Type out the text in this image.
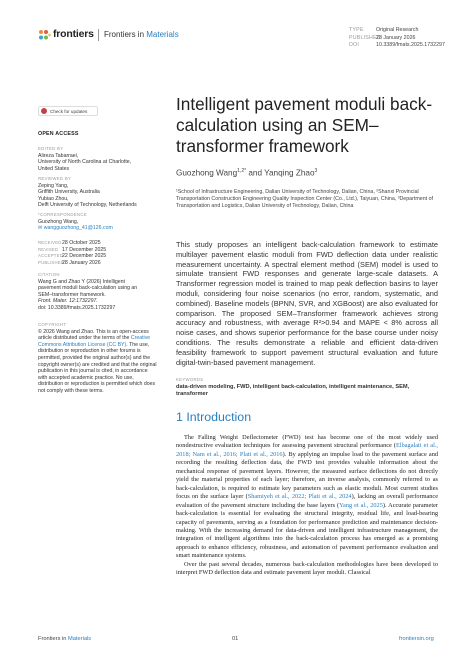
frontiers Frontiers in Materials	TYPE Original Research
PUBLISHED28 January 2026
DOI	10.3389/fmats.2025.1732297
Check for updates
OPEN ACCESS
EDITED BY
Alireza Tabarraei,
University of North Carolina at Charlotte,
United States
REVIEWED BY
Zeping Yang,
Griffith University, Australia
Yubiao Zhou,
Delft University of Technology, Netherlands
*CORRESPONDENCE
Guozhong Wang,
✉ wangguozhong_41@126.com
RECEIVED28 October 2025
REVISED 17 December 2025
ACCEPTED22 December 2025
PUBLISHED28 January 2026
CITATION
Wang G and Zhao Y (2026) Intelligent
pavement moduli back-calculation using an
SEM–transformer framework.
Front. Mater. 12:1732297.
doi: 10.3389/fmats.2025.1732297
COPYRIGHT
© 2026 Wang and Zhao. This is an open-access article distributed under the terms of the Creative Commons Attribution License (CC BY). The use, distribution or reproduction in other forums is permitted, provided the original author(s) and the copyright owner(s) are credited and that the original publication in this journal is cited, in accordance with accepted academic practice. No use, distribution or reproduction is permitted which does not comply with these terms.
Intelligent pavement moduli back-calculation using an SEM–transformer framework
Guozhong Wang$^{1,2*}$ and Yanqing Zhao$^3$
¹School of Infrastructure Engineering, Dalian University of Technology, Dalian, China, ²Shanxi Provincial Transportation Construction Engineering Quality Inspection Center (Co., Ltd.), Taiyuan, China, ³Department of Transportation and Logistics, Dalian University of Technology, Dalian, China
This study proposes an intelligent back-calculation framework to estimate multilayer pavement elastic moduli from FWD deflection data under realistic measurement uncertainty. A spectral element method (SEM) model is used to simulate transient FWD responses and generate large-scale datasets. A Transformer regression model is trained to map peak deflection basins to layer moduli, considering four noise scenarios (no error, random, systematic, and combined). Baseline models (BPNN, SVR, and XGBoost) are also evaluated for comparison. The proposed SEM–Transformer framework achieves strong accuracy and robustness, with average R²>0.94 and MAPE < 8% across all noise cases, and shows superior performance for the base course under noisy conditions. The results demonstrate a reliable and efficient data-driven feasibility framework to support pavement structural evaluation and future digital-twin-based pavement management.
KEYWORDS
data-driven modeling, FWD, intelligent back-calculation, intelligent maintenance, SEM, transformer
1 Introduction

The Falling Weight Deflectometer (FWD) test has become one of the most widely used nondestructive evaluation techniques for assessing pavement structural performance (Elbagalati et al., 2018; Nam et al., 2016; Plati et al., 2016). By applying an impulse load to the pavement surface and recording the resulting deflection data, the FWD test provides valuable information about the mechanical response of pavement layers. However, the measured surface deflections do not directly yield the material properties of each layer; therefore, an inverse analysis, commonly referred to as back-calculation, is required to estimate key parameters such as elastic moduli. Most current studies focus on the surface layer (Shamiyeh et al., 2022; Plati et al., 2024), lacking an overall performance evaluation of the pavement structure including the base layers (Yang et al., 2025). Accurate parameter back-calculation is essential for evaluating the structural integrity, residual life, and load-bearing capacity of pavements, serving as a foundation for performance prediction and maintenance decision-making. With the increasing demand for data-driven and intelligent infrastructure management, the integration of intelligent algorithms into the back-calculation process has emerged as a promising approach to enhance efficiency, robustness, and automation of pavement performance evaluation and smart maintenance systems.

Over the past several decades, numerous back-calculation methodologies have been developed to interpret FWD deflection data and estimate pavement layer moduli. Classical

Frontiers in Materials	01	frontiersin.org
